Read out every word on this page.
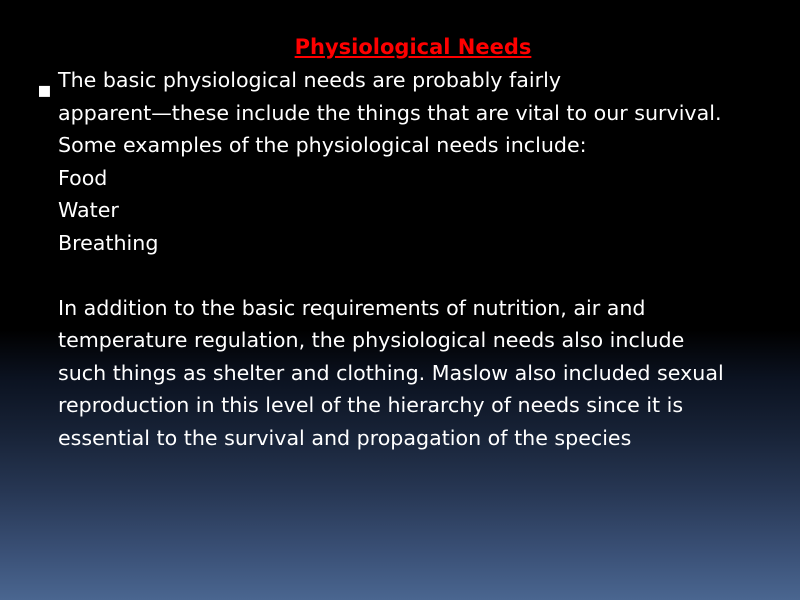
Physiological Needs
▪ The basic physiological needs are probably fairly

apparent—these include the things that are vital to our survival.

Some examples of the physiological needs include:

Food

Water

Breathing

In addition to the basic requirements of nutrition, air and

temperature regulation, the physiological needs also include

such things as shelter and clothing. Maslow also included sexual

reproduction in this level of the hierarchy of needs since it is

essential to the survival and propagation of the species
